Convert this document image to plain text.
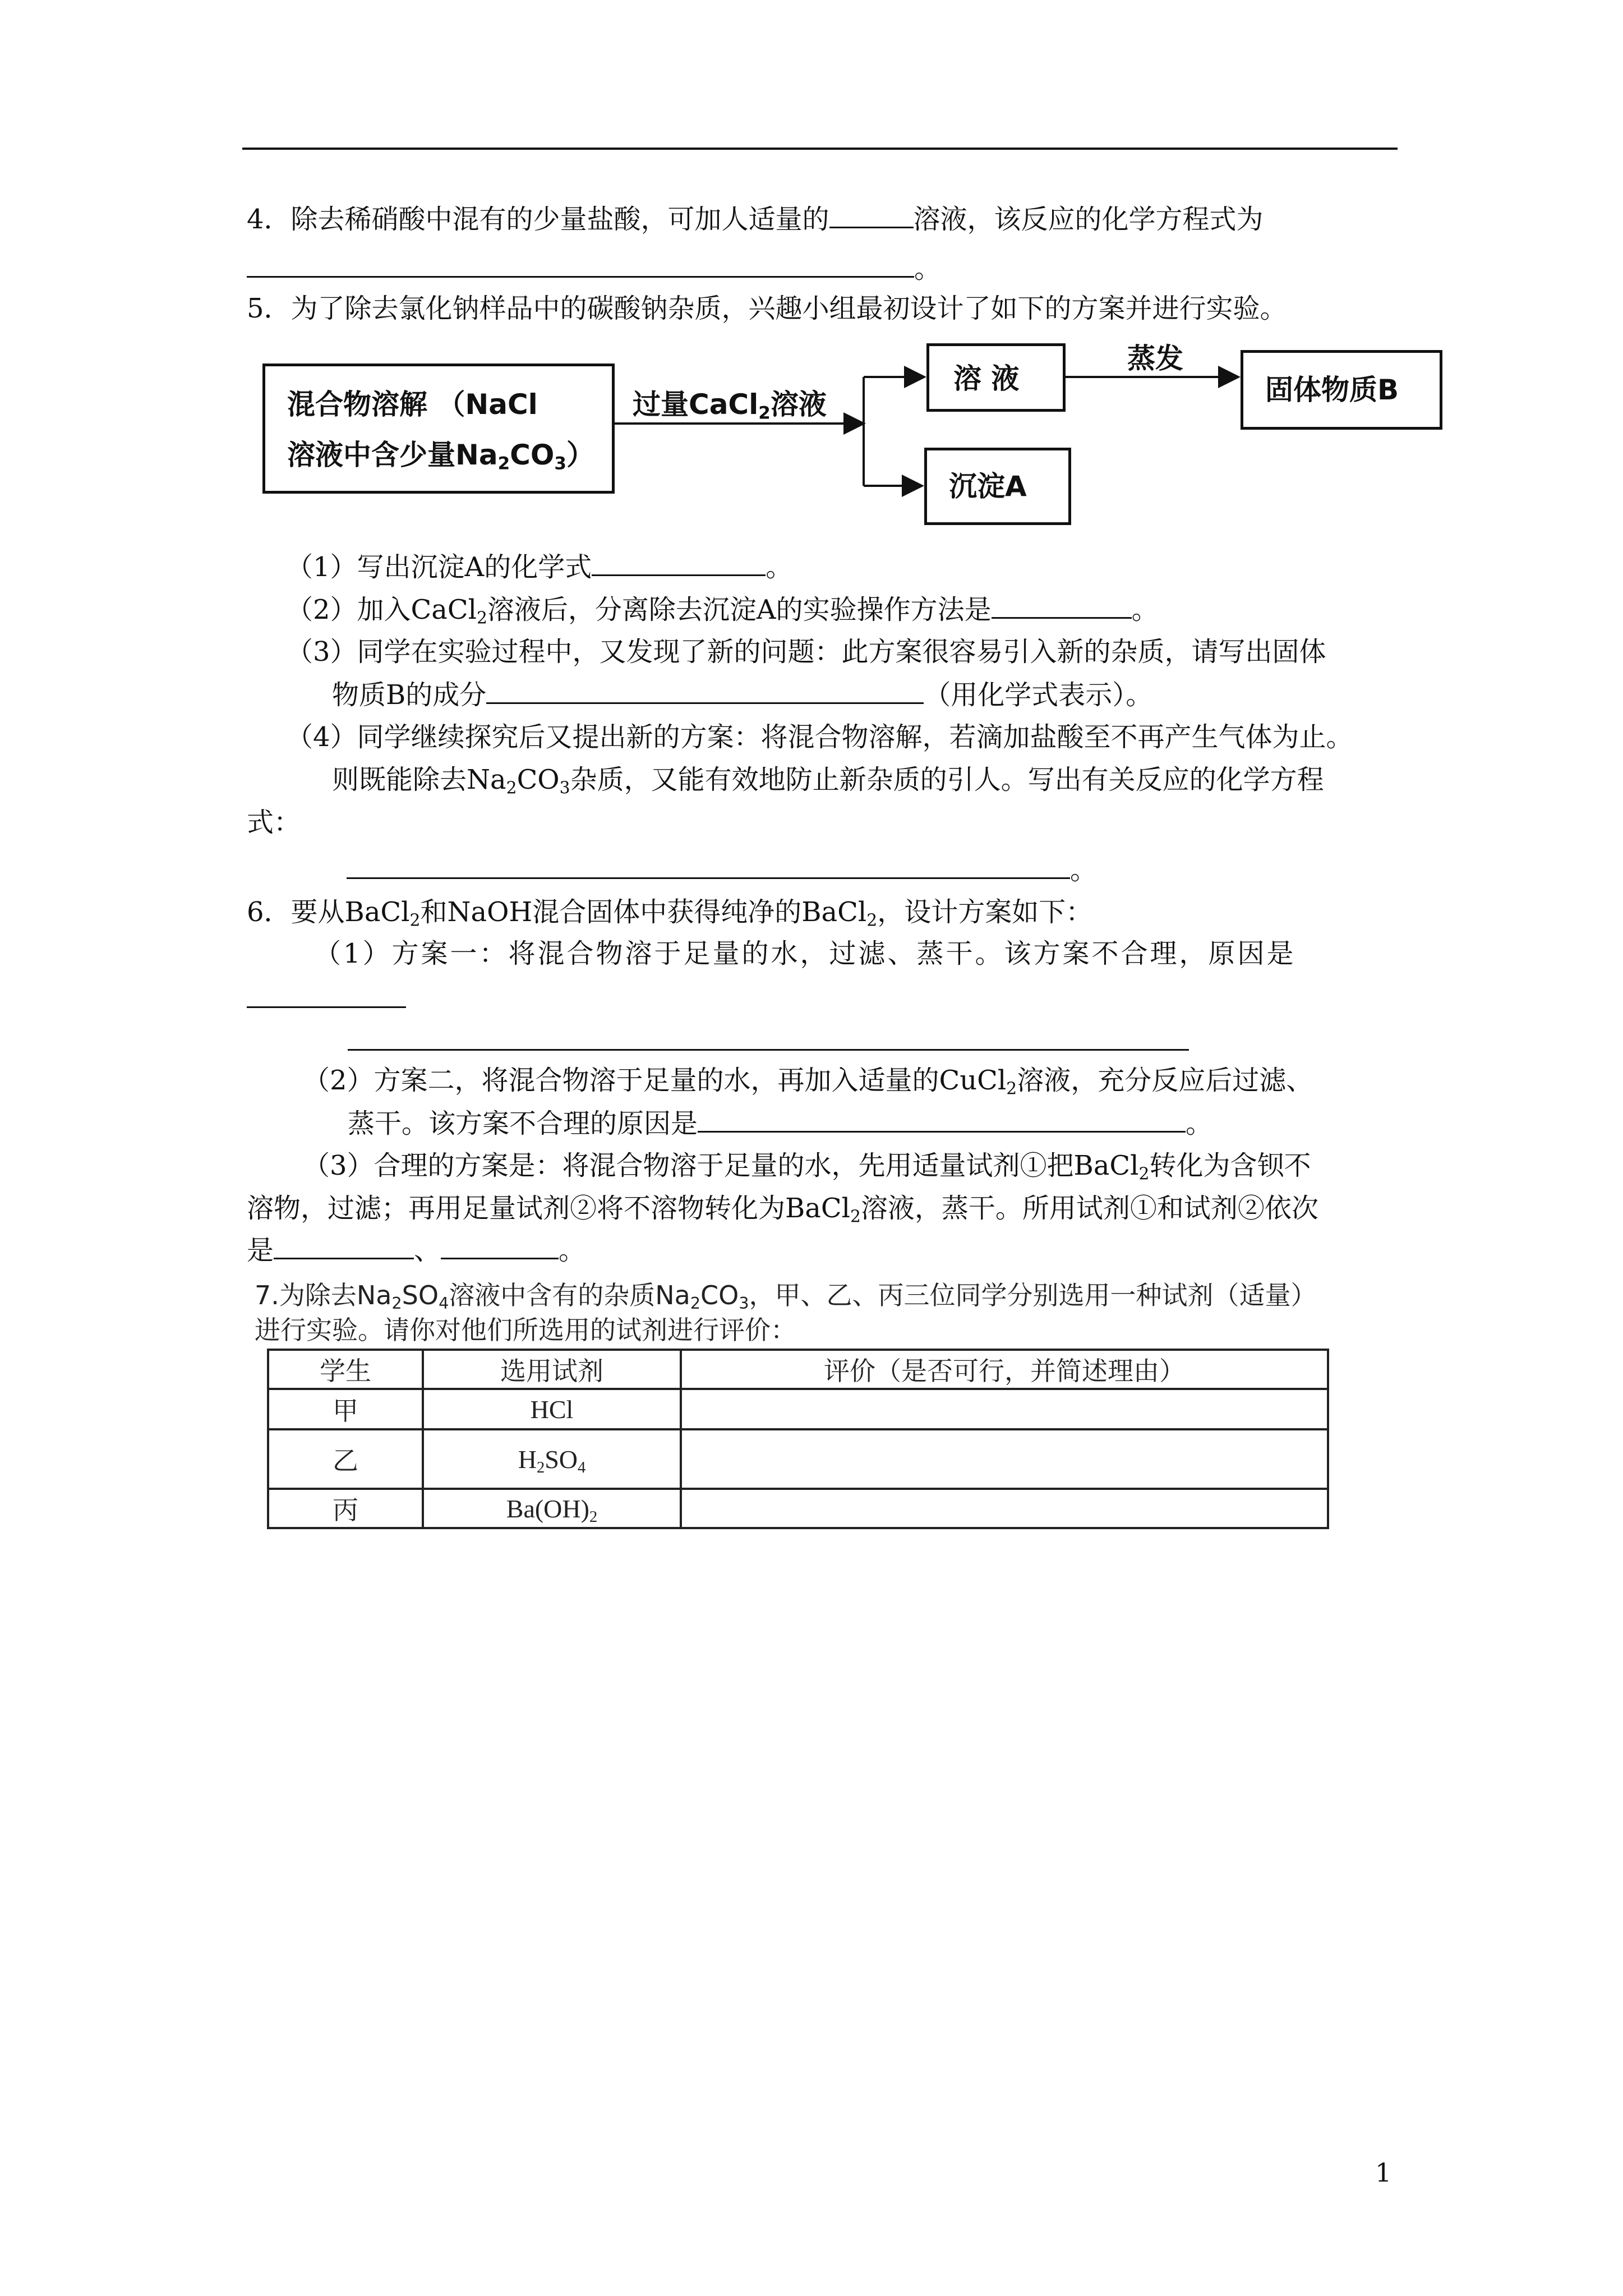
4．除去稀硝酸中混有的少量盐酸，可加人适量的	溶液，该反应的化学方程式为
。
5．为了除去氯化钠样品中的碳酸钠杂质，兴趣小组最初设计了如下的方案并进行实验。
混合物溶解 （NaCl
溶液中含少量$Na_2CO_3$）
过量CaCl$_2$溶液
溶 液
蒸发
固体物质B
沉淀A
（1）写出沉淀A的化学式	。
（2）加入CaCl$_2$溶液后，分离除去沉淀A的实验操作方法是	。
（3）同学在实验过程中，又发现了新的问题：此方案很容易引入新的杂质，请写出固体
物质B的成分	（用化学式表示）。
（4）同学继续探究后又提出新的方案：将混合物溶解，若滴加盐酸至不再产生气体为止。
则既能除去$Na_2CO_3$杂质，又能有效地防止新杂质的引人。写出有关反应的化学方程
式：
。
6．要从BaCl$_2$和NaOH混合固体中获得纯净的BaCl$_2$，设计方案如下：
（1）方案一：将混合物溶于足量的水，过滤、蒸干。该方案不合理，原因是
（2）方案二，将混合物溶于足量的水，再加入适量的CuCl$_2$溶液，充分反应后过滤、
蒸干。该方案不合理的原因是	。
（3）合理的方案是：将混合物溶于足量的水，先用适量试剂①把BaCl$_2$转化为含钡不
溶物，过滤；再用足量试剂②将不溶物转化为BaCl$_2$溶液，蒸干。所用试剂①和试剂②依次
是	、	。
7.为除去$Na_2SO_4$溶液中含有的杂质$Na_2CO_3$，甲、乙、丙三位同学分别选用一种试剂（适量）
进行实验。请你对他们所选用的试剂进行评价：
学生	选用试剂	评价（是否可行，并简述理由）
甲	HCl	
乙	$H_2SO_4$	
丙	$Ba(OH)_2$	
1
